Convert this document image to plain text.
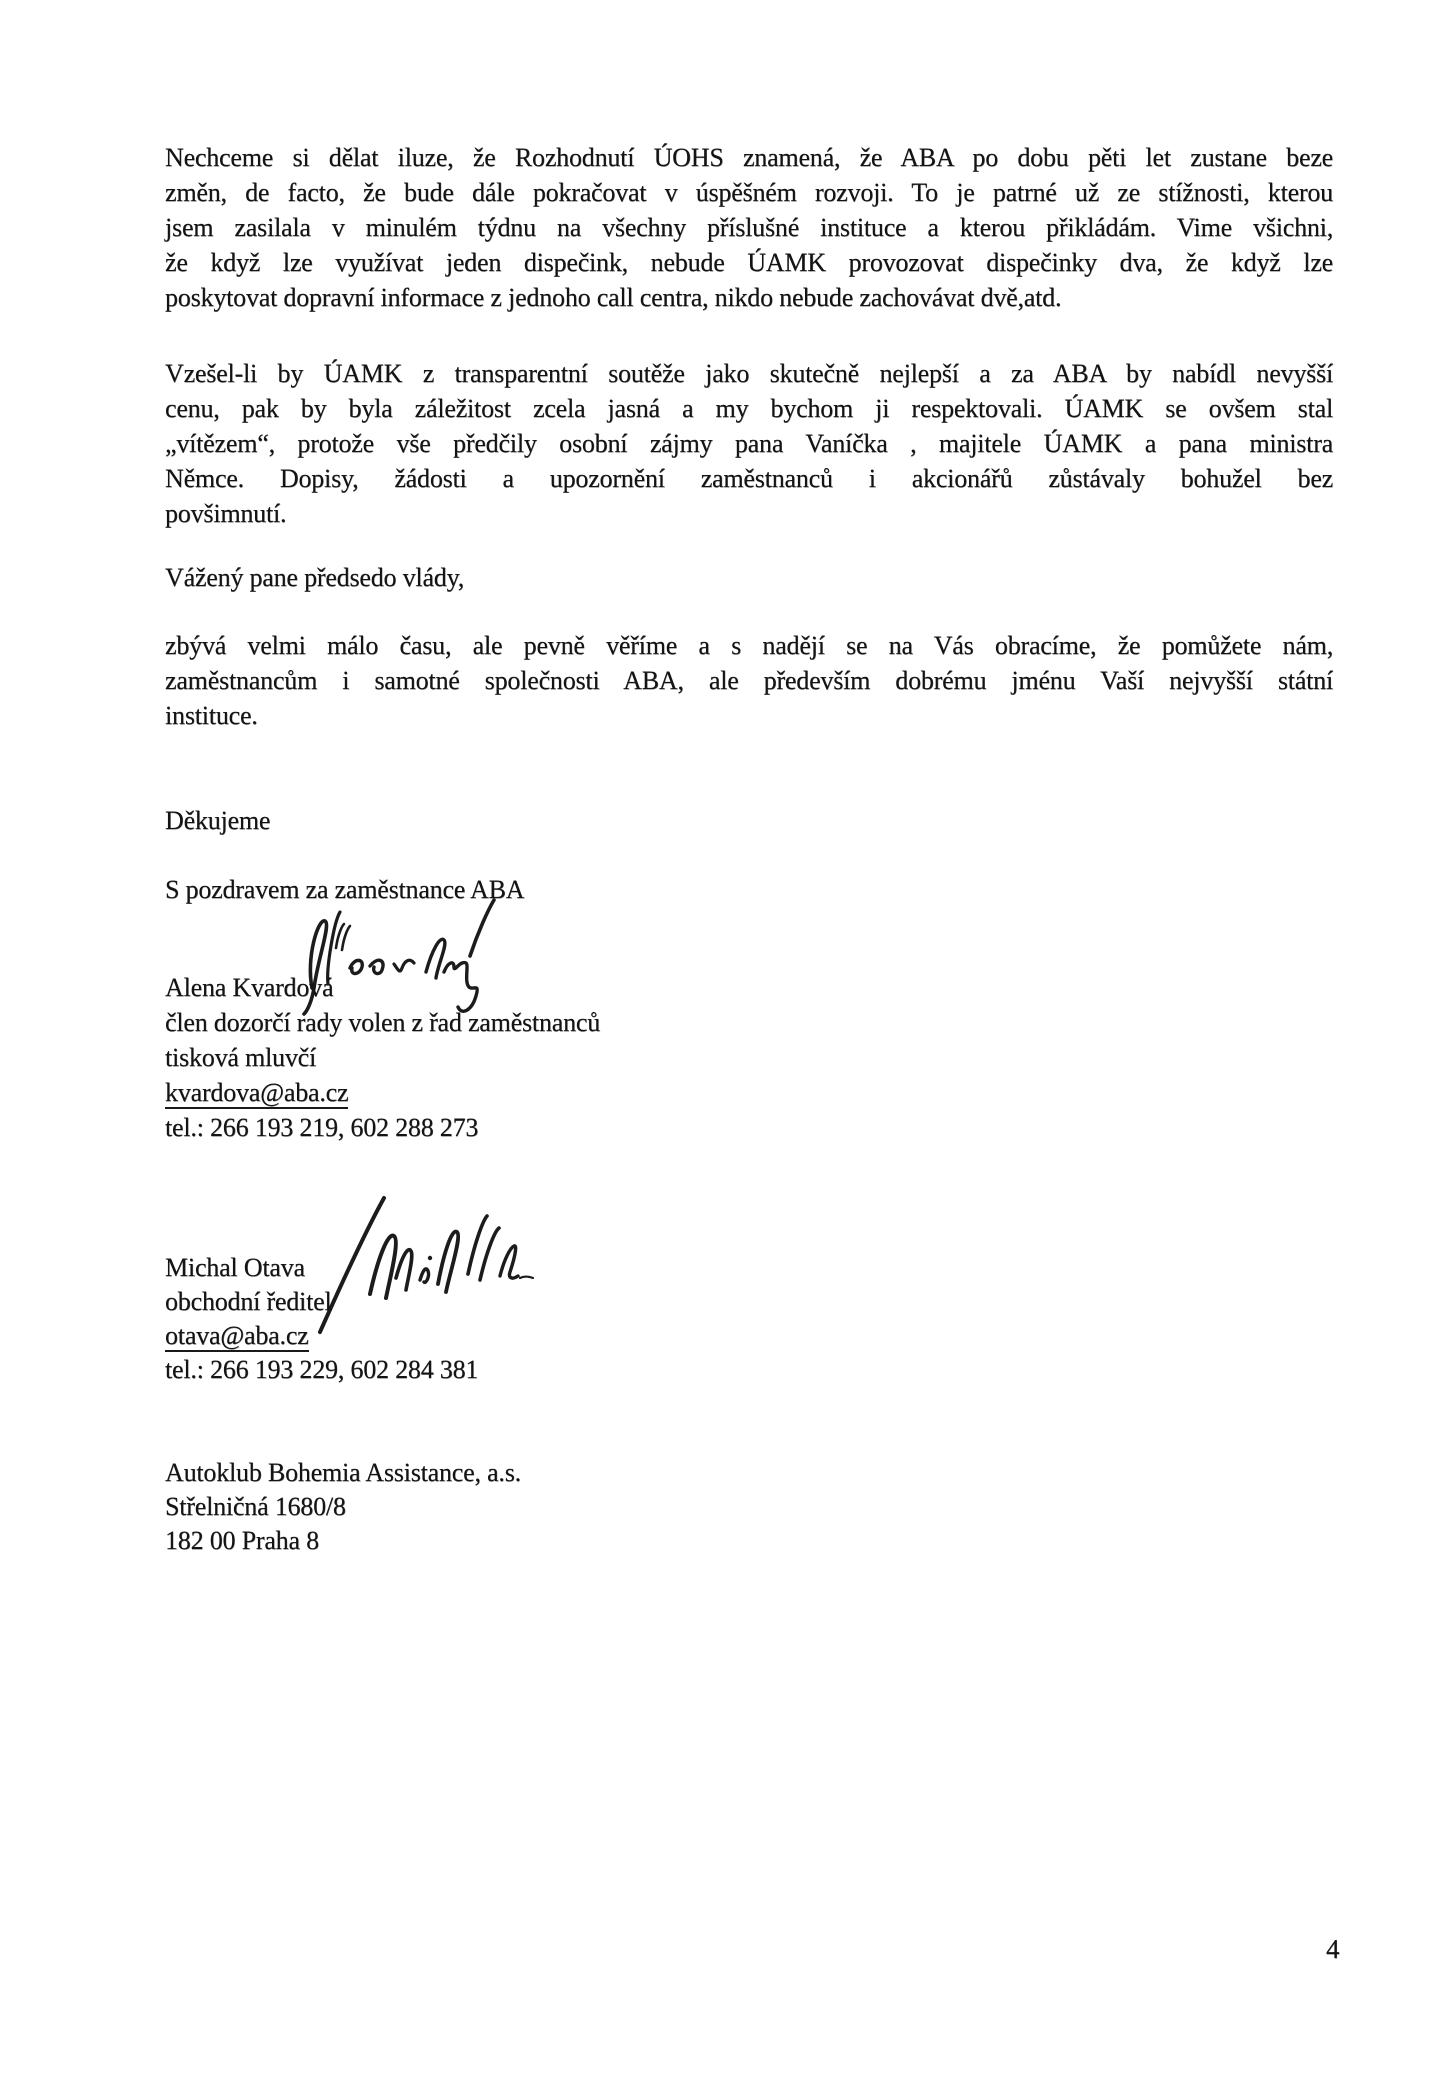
Nechceme si dělat iluze, že Rozhodnutí ÚOHS znamená, že ABA po dobu pěti let zustane beze
změn, de facto, že bude dále pokračovat v úspěšném rozvoji. To je patrné už ze stížnosti, kterou
jsem zasilala v minulém týdnu na všechny příslušné instituce a kterou přikládám. Vime všichni,
že když lze využívat jeden dispečink, nebude ÚAMK provozovat dispečinky dva, že když lze
poskytovat dopravní informace z jednoho call centra, nikdo nebude zachovávat dvě,atd.
Vzešel-li by ÚAMK z transparentní soutěže jako skutečně nejlepší a za ABA by nabídl nevyšší
cenu, pak by byla záležitost zcela jasná a my bychom ji respektovali. ÚAMK se ovšem stal
„vítězem“, protože vše předčily osobní zájmy pana Vaníčka , majitele ÚAMK a pana ministra
Němce. Dopisy, žádosti a upozornění zaměstnanců i akcionářů zůstávaly bohužel bez
povšimnutí.
Vážený pane předsedo vlády,
zbývá velmi málo času, ale pevně věříme a s nadějí se na Vás obracíme, že pomůžete nám,
zaměstnancům i samotné společnosti ABA, ale především dobrému jménu Vaší nejvyšší státní
instituce.
Děkujeme
S pozdravem za zaměstnance ABA
Alena Kvardová
člen dozorčí rady volen z řad zaměstnanců
tisková mluvčí
kvardova@aba.cz
tel.: 266 193 219, 602 288 273
Michal Otava
obchodní ředitel
otava@aba.cz
tel.: 266 193 229, 602 284 381
Autoklub Bohemia Assistance, a.s.
Střelničná 1680/8
182 00 Praha 8
4
